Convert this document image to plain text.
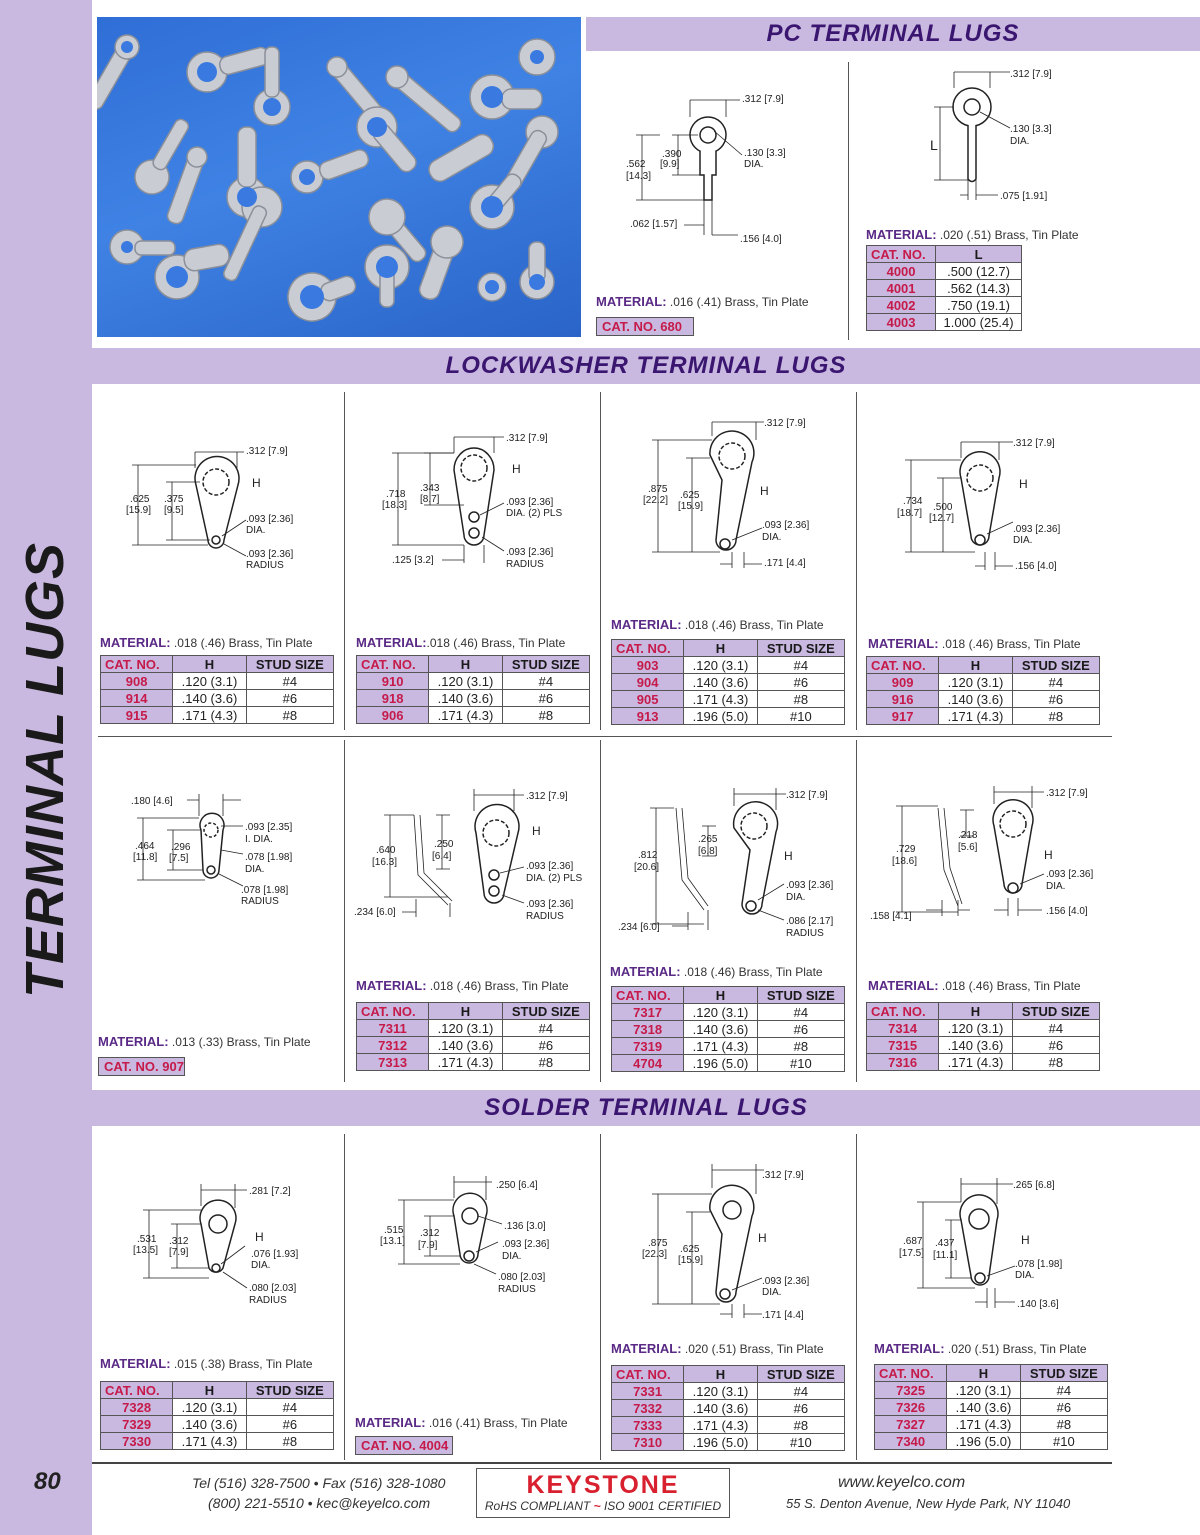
TERMINAL LUGS
PC TERMINAL LUGS
.312 [7.9]
.390
[9.9]
.562
[14.3]
.130 [3.3]
DIA.
.062 [1.57]
.156 [4.0]
MATERIAL: .016 (.41) Brass, Tin Plate
CAT. NO. 680
.312 [7.9]
.130 [3.3]
DIA.
.075 [1.91]
L
MATERIAL: .020 (.51) Brass, Tin Plate
CAT. NO.	L
4000	.500 (12.7)
4001	.562 (14.3)
4002	.750 (19.1)
4003	1.000 (25.4)
LOCKWASHER TERMINAL LUGS
.312 [7.9]
H
.625
[15.9]
.375
[9.5]
.093 [2.36]
DIA.
.093 [2.36]
RADIUS
MATERIAL: .018 (.46) Brass, Tin Plate
CAT. NO.	H	STUD SIZE
908	.120 (3.1)	#4
914	.140 (3.6)	#6
915	.171 (4.3)	#8
.312 [7.9]
H
.718
[18.3]
.343
[8.7]	.093 [2.36]
DIA. (2) PLS
.093 [2.36]
RADIUS
.125 [3.2]
MATERIAL:.018 (.46) Brass, Tin Plate
CAT. NO.	H	STUD SIZE
910	.120 (3.1)	#4
918	.140 (3.6)	#6
906	.171 (4.3)	#8
.312 [7.9]
H
.875
[22.2] .625
[15.9]
.093 [2.36]
DIA.
.171 [4.4]
MATERIAL: .018 (.46) Brass, Tin Plate
CAT. NO.	H	STUD SIZE
903	.120 (3.1)	#4
904	.140 (3.6)	#6
905	.171 (4.3)	#8
913	.196 (5.0)	#10
.312 [7.9]
H
.734
[18.7]
.500
[12.7]
.093 [2.36]
DIA.
.156 [4.0]
MATERIAL: .018 (.46) Brass, Tin Plate
CAT. NO.	H	STUD SIZE
909	.120 (3.1)	#4
916	.140 (3.6)	#6
917	.171 (4.3)	#8
.180 [4.6]
.464
[11.8]
.296
[7.5]
.093 [2.35]
I. DIA.
.078 [1.98]
DIA.
.078 [1.98]
RADIUS
MATERIAL: .013 (.33) Brass, Tin Plate
CAT. NO. 907
.312 [7.9]
H
.640
[16.3]
.250
[6.4]
.093 [2.36]
DIA. (2) PLS
.093 [2.36]
RADIUS
.234 [6.0]
MATERIAL: .018 (.46) Brass, Tin Plate
CAT. NO.	H	STUD SIZE
7311	.120 (3.1)	#4
7312	.140 (3.6)	#6
7313	.171 (4.3)	#8
.312 [7.9]
H
.812
[20.6]
.265
[6.8]
.093 [2.36]
DIA.
.086 [2.17]
RADIUS
.234 [6.0]
MATERIAL: .018 (.46) Brass, Tin Plate
CAT. NO.	H	STUD SIZE
7317	.120 (3.1)	#4
7318	.140 (3.6)	#6
7319	.171 (4.3)	#8
4704	.196 (5.0)	#10
.312 [7.9]
H
.729
[18.6]
.218
[5.6]
.093 [2.36]
DIA.
.158 [4.1]	.156 [4.0]
MATERIAL: .018 (.46) Brass, Tin Plate
CAT. NO.	H	STUD SIZE
7314	.120 (3.1)	#4
7315	.140 (3.6)	#6
7316	.171 (4.3)	#8
SOLDER TERMINAL LUGS
.281 [7.2]
H
.531
[13.5]
.312
[7.9]	.076 [1.93]
DIA.
.080 [2.03]
RADIUS
MATERIAL: .015 (.38) Brass, Tin Plate
CAT. NO.	H	STUD SIZE
7328	.120 (3.1)	#4
7329	.140 (3.6)	#6
7330	.171 (4.3)	#8
.250 [6.4]
.515
[13.1]
.312
[7.9]
.136 [3.0]
.093 [2.36]
DIA.
.080 [2.03]
RADIUS
MATERIAL: .016 (.41) Brass, Tin Plate
CAT. NO. 4004
.312 [7.9]
H
.875
[22.3] .625
[15.9]
.093 [2.36]
DIA.
.171 [4.4]
MATERIAL: .020 (.51) Brass, Tin Plate
CAT. NO.	H	STUD SIZE
7331	.120 (3.1)	#4
7332	.140 (3.6)	#6
7333	.171 (4.3)	#8
7310	.196 (5.0)	#10
.265 [6.8]
H
.687
[17.5]
.437
[11.1]
.078 [1.98]
DIA.
.140 [3.6]
MATERIAL: .020 (.51) Brass, Tin Plate
CAT. NO.	H	STUD SIZE
7325	.120 (3.1)	#4
7326	.140 (3.6)	#6
7327	.171 (4.3)	#8
7340	.196 (5.0)	#10
80	Tel (516) 328-7500 • Fax (516) 328-1080
(800) 221-5510 • kec@keyelco.com
KEYSTONE
RoHS COMPLIANT ~ ISO 9001 CERTIFIED
www.keyelco.com
55 S. Denton Avenue, New Hyde Park, NY 11040
